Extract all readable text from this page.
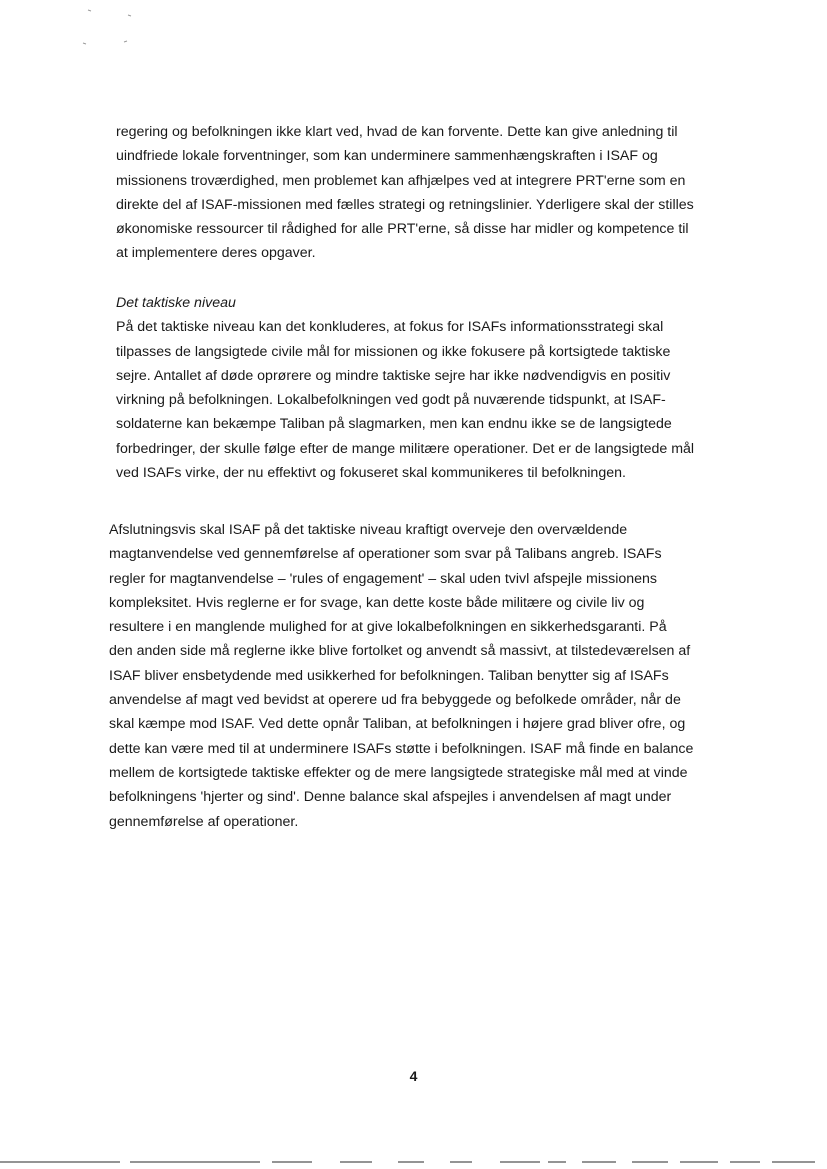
regering og befolkningen ikke klart ved, hvad de kan forvente. Dette kan give anledning til
uindfriede lokale forventninger, som kan underminere sammenhængskraften i ISAF og
missionens troværdighed, men problemet kan afhjælpes ved at integrere PRT'erne som en
direkte del af ISAF-missionen med fælles strategi og retningslinier. Yderligere skal der stilles
økonomiske ressourcer til rådighed for alle PRT'erne, så disse har midler og kompetence til
at implementere deres opgaver.
Det taktiske niveau
På det taktiske niveau kan det konkluderes, at fokus for ISAFs informationsstrategi skal
tilpasses de langsigtede civile mål for missionen og ikke fokusere på kortsigtede taktiske
sejre. Antallet af døde oprørere og mindre taktiske sejre har ikke nødvendigvis en positiv
virkning på befolkningen. Lokalbefolkningen ved godt på nuværende tidspunkt, at ISAF-
soldaterne kan bekæmpe Taliban på slagmarken, men kan endnu ikke se de langsigtede
forbedringer, der skulle følge efter de mange militære operationer. Det er de langsigtede mål
ved ISAFs virke, der nu effektivt og fokuseret skal kommunikeres til befolkningen.
Afslutningsvis skal ISAF på det taktiske niveau kraftigt overveje den overvældende
magtanvendelse ved gennemførelse af operationer som svar på Talibans angreb. ISAFs
regler for magtanvendelse – 'rules of engagement' – skal uden tvivl afspejle missionens
kompleksitet. Hvis reglerne er for svage, kan dette koste både militære og civile liv og
resultere i en manglende mulighed for at give lokalbefolkningen en sikkerhedsgaranti. På
den anden side må reglerne ikke blive fortolket og anvendt så massivt, at tilstedeværelsen af
ISAF bliver ensbetydende med usikkerhed for befolkningen. Taliban benytter sig af ISAFs
anvendelse af magt ved bevidst at operere ud fra bebyggede og befolkede områder, når de
skal kæmpe mod ISAF. Ved dette opnår Taliban, at befolkningen i højere grad bliver ofre, og
dette kan være med til at underminere ISAFs støtte i befolkningen. ISAF må finde en balance
mellem de kortsigtede taktiske effekter og de mere langsigtede strategiske mål med at vinde
befolkningens 'hjerter og sind'. Denne balance skal afspejles i anvendelsen af magt under
gennemførelse af operationer.
4
